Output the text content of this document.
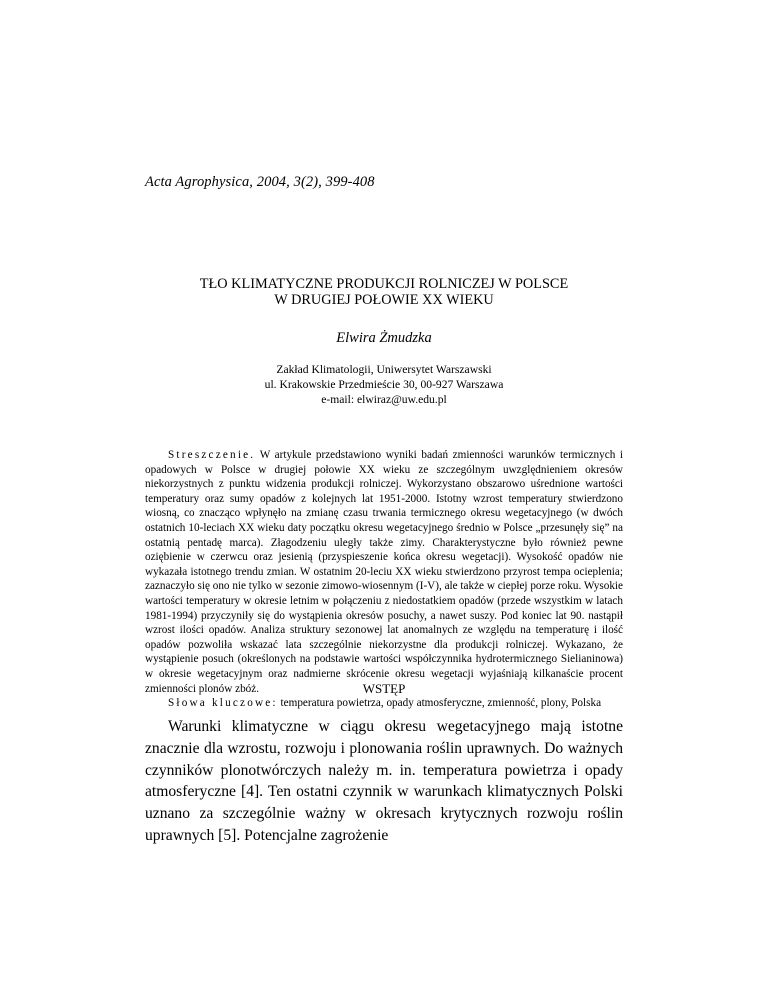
Acta Agrophysica, 2004, 3(2), 399-408
TŁO KLIMATYCZNE PRODUKCJI ROLNICZEJ W POLSCE
W DRUGIEJ POŁOWIE XX WIEKU
Elwira Żmudzka
Zakład Klimatologii, Uniwersytet Warszawski
ul. Krakowskie Przedmieście 30, 00-927 Warszawa
e-mail: elwiraz@uw.edu.pl

Streszczenie. W artykule przedstawiono wyniki badań zmienności warunków termicznych i opadowych w Polsce w drugiej połowie XX wieku ze szczególnym uwzględnieniem okresów niekorzystnych z punktu widzenia produkcji rolniczej. Wykorzystano obszarowo uśrednione wartości temperatury oraz sumy opadów z kolejnych lat 1951-2000. Istotny wzrost temperatury stwierdzono wiosną, co znacząco wpłynęło na zmianę czasu trwania termicznego okresu wegetacyjnego (w dwóch ostatnich 10-leciach XX wieku daty początku okresu wegetacyjnego średnio w Polsce „przesunęły się” na ostatnią pentadę marca). Złagodzeniu uległy także zimy. Charakterystyczne było również pewne oziębienie w czerwcu oraz jesienią (przyspieszenie końca okresu wegetacji). Wysokość opadów nie wykazała istotnego trendu zmian. W ostatnim 20-leciu XX wieku stwierdzono przyrost tempa ocieplenia; zaznaczyło się ono nie tylko w sezonie zimowo-wiosennym (I-V), ale także w ciepłej porze roku. Wysokie wartości temperatury w okresie letnim w połączeniu z niedostatkiem opadów (przede wszystkim w latach 1981-1994) przyczyniły się do wystąpienia okresów posuchy, a nawet suszy. Pod koniec lat 90. nastąpił wzrost ilości opadów. Analiza struktury sezonowej lat anomalnych ze względu na temperaturę i ilość opadów pozwoliła wskazać lata szczególnie niekorzystne dla produkcji rolniczej. Wykazano, że wystąpienie posuch (określonych na podstawie wartości współczynnika hydrotermicznego Sielianinowa) w okresie wegetacyjnym oraz nadmierne skrócenie okresu wegetacji wyjaśniają kilkanaście procent zmienności plonów zbóż.

Słowa kluczowe: temperatura powietrza, opady atmosferyczne, zmienność, plony, Polska

WSTĘP

Warunki klimatyczne w ciągu okresu wegetacyjnego mają istotne znacznie dla wzrostu, rozwoju i plonowania roślin uprawnych. Do ważnych czynników plonotwórczych należy m. in. temperatura powietrza i opady atmosferyczne [4]. Ten ostatni czynnik w warunkach klimatycznych Polski uznano za szczególnie ważny w okresach krytycznych rozwoju roślin uprawnych [5]. Potencjalne zagrożenie
